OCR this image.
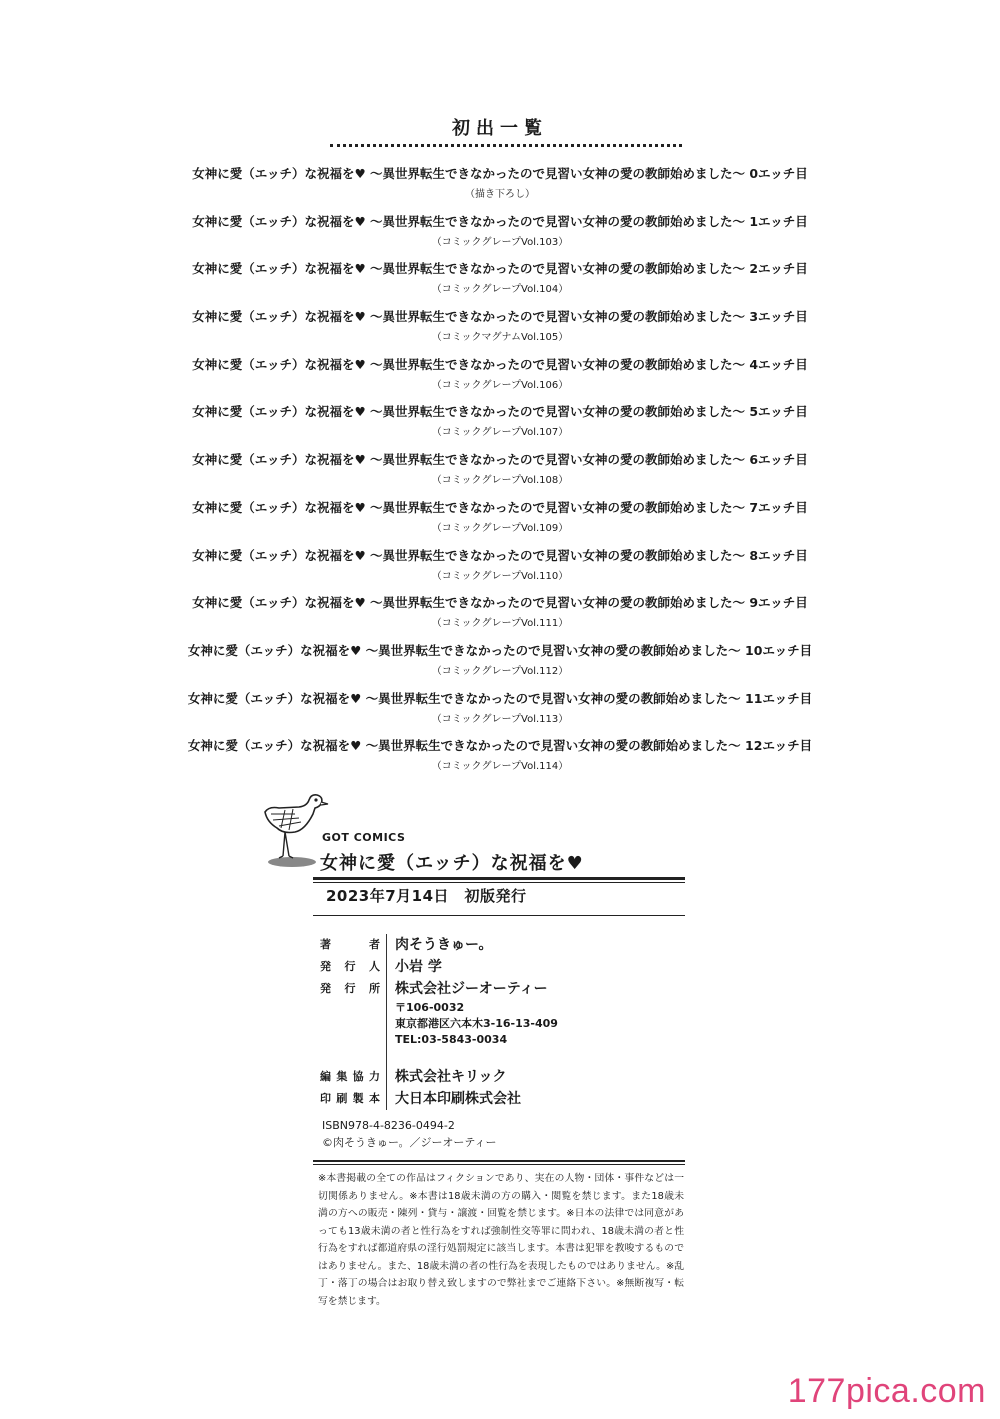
初出一覧
女神に愛（エッチ）な祝福を♥ ～異世界転生できなかったので見習い女神の愛の教師始めました～ 0エッチ目
（描き下ろし）
女神に愛（エッチ）な祝福を♥ ～異世界転生できなかったので見習い女神の愛の教師始めました～ 1エッチ目
（コミックグレープVol.103）
女神に愛（エッチ）な祝福を♥ ～異世界転生できなかったので見習い女神の愛の教師始めました～ 2エッチ目
（コミックグレープVol.104）
女神に愛（エッチ）な祝福を♥ ～異世界転生できなかったので見習い女神の愛の教師始めました～ 3エッチ目
（コミックマグナムVol.105）
女神に愛（エッチ）な祝福を♥ ～異世界転生できなかったので見習い女神の愛の教師始めました～ 4エッチ目
（コミックグレープVol.106）
女神に愛（エッチ）な祝福を♥ ～異世界転生できなかったので見習い女神の愛の教師始めました～ 5エッチ目
（コミックグレープVol.107）
女神に愛（エッチ）な祝福を♥ ～異世界転生できなかったので見習い女神の愛の教師始めました～ 6エッチ目
（コミックグレープVol.108）
女神に愛（エッチ）な祝福を♥ ～異世界転生できなかったので見習い女神の愛の教師始めました～ 7エッチ目
（コミックグレープVol.109）
女神に愛（エッチ）な祝福を♥ ～異世界転生できなかったので見習い女神の愛の教師始めました～ 8エッチ目
（コミックグレープVol.110）
女神に愛（エッチ）な祝福を♥ ～異世界転生できなかったので見習い女神の愛の教師始めました～ 9エッチ目
（コミックグレープVol.111）
女神に愛（エッチ）な祝福を♥ ～異世界転生できなかったので見習い女神の愛の教師始めました～ 10エッチ目
（コミックグレープVol.112）
女神に愛（エッチ）な祝福を♥ ～異世界転生できなかったので見習い女神の愛の教師始めました～ 11エッチ目
（コミックグレープVol.113）
女神に愛（エッチ）な祝福を♥ ～異世界転生できなかったので見習い女神の愛の教師始めました～ 12エッチ目
（コミックグレープVol.114）
GOT COMICS
女神に愛（エッチ）な祝福を♥
2023年7月14日　初版発行
著者	肉そうきゅー。
発行人	小岩 学
発行所	株式会社ジーオーティー
〒106-0032
東京都港区六本木3-16-13-409
TEL:03-5843-0034
編集協力	株式会社キリック
印刷製本	大日本印刷株式会社
ISBN978-4-8236-0494-2
©肉そうきゅー。／ジーオーティー
※本書掲載の全ての作品はフィクションであり、実在の人物・団体・事件などは一切関係ありません。※本書は18歳未満の方の購入・閲覧を禁じます。また18歳未満の方への販売・陳列・貸与・譲渡・回覧を禁じます。※日本の法律では同意があっても13歳未満の者と性行為をすれば強制性交等罪に問われ、18歳未満の者と性行為をすれば都道府県の淫行処罰規定に該当します。本書は犯罪を教唆するものではありません。また、18歳未満の者の性行為を表現したものではありません。※乱丁・落丁の場合はお取り替え致しますので弊社までご連絡下さい。※無断複写・転写を禁じます。
177pica.com
